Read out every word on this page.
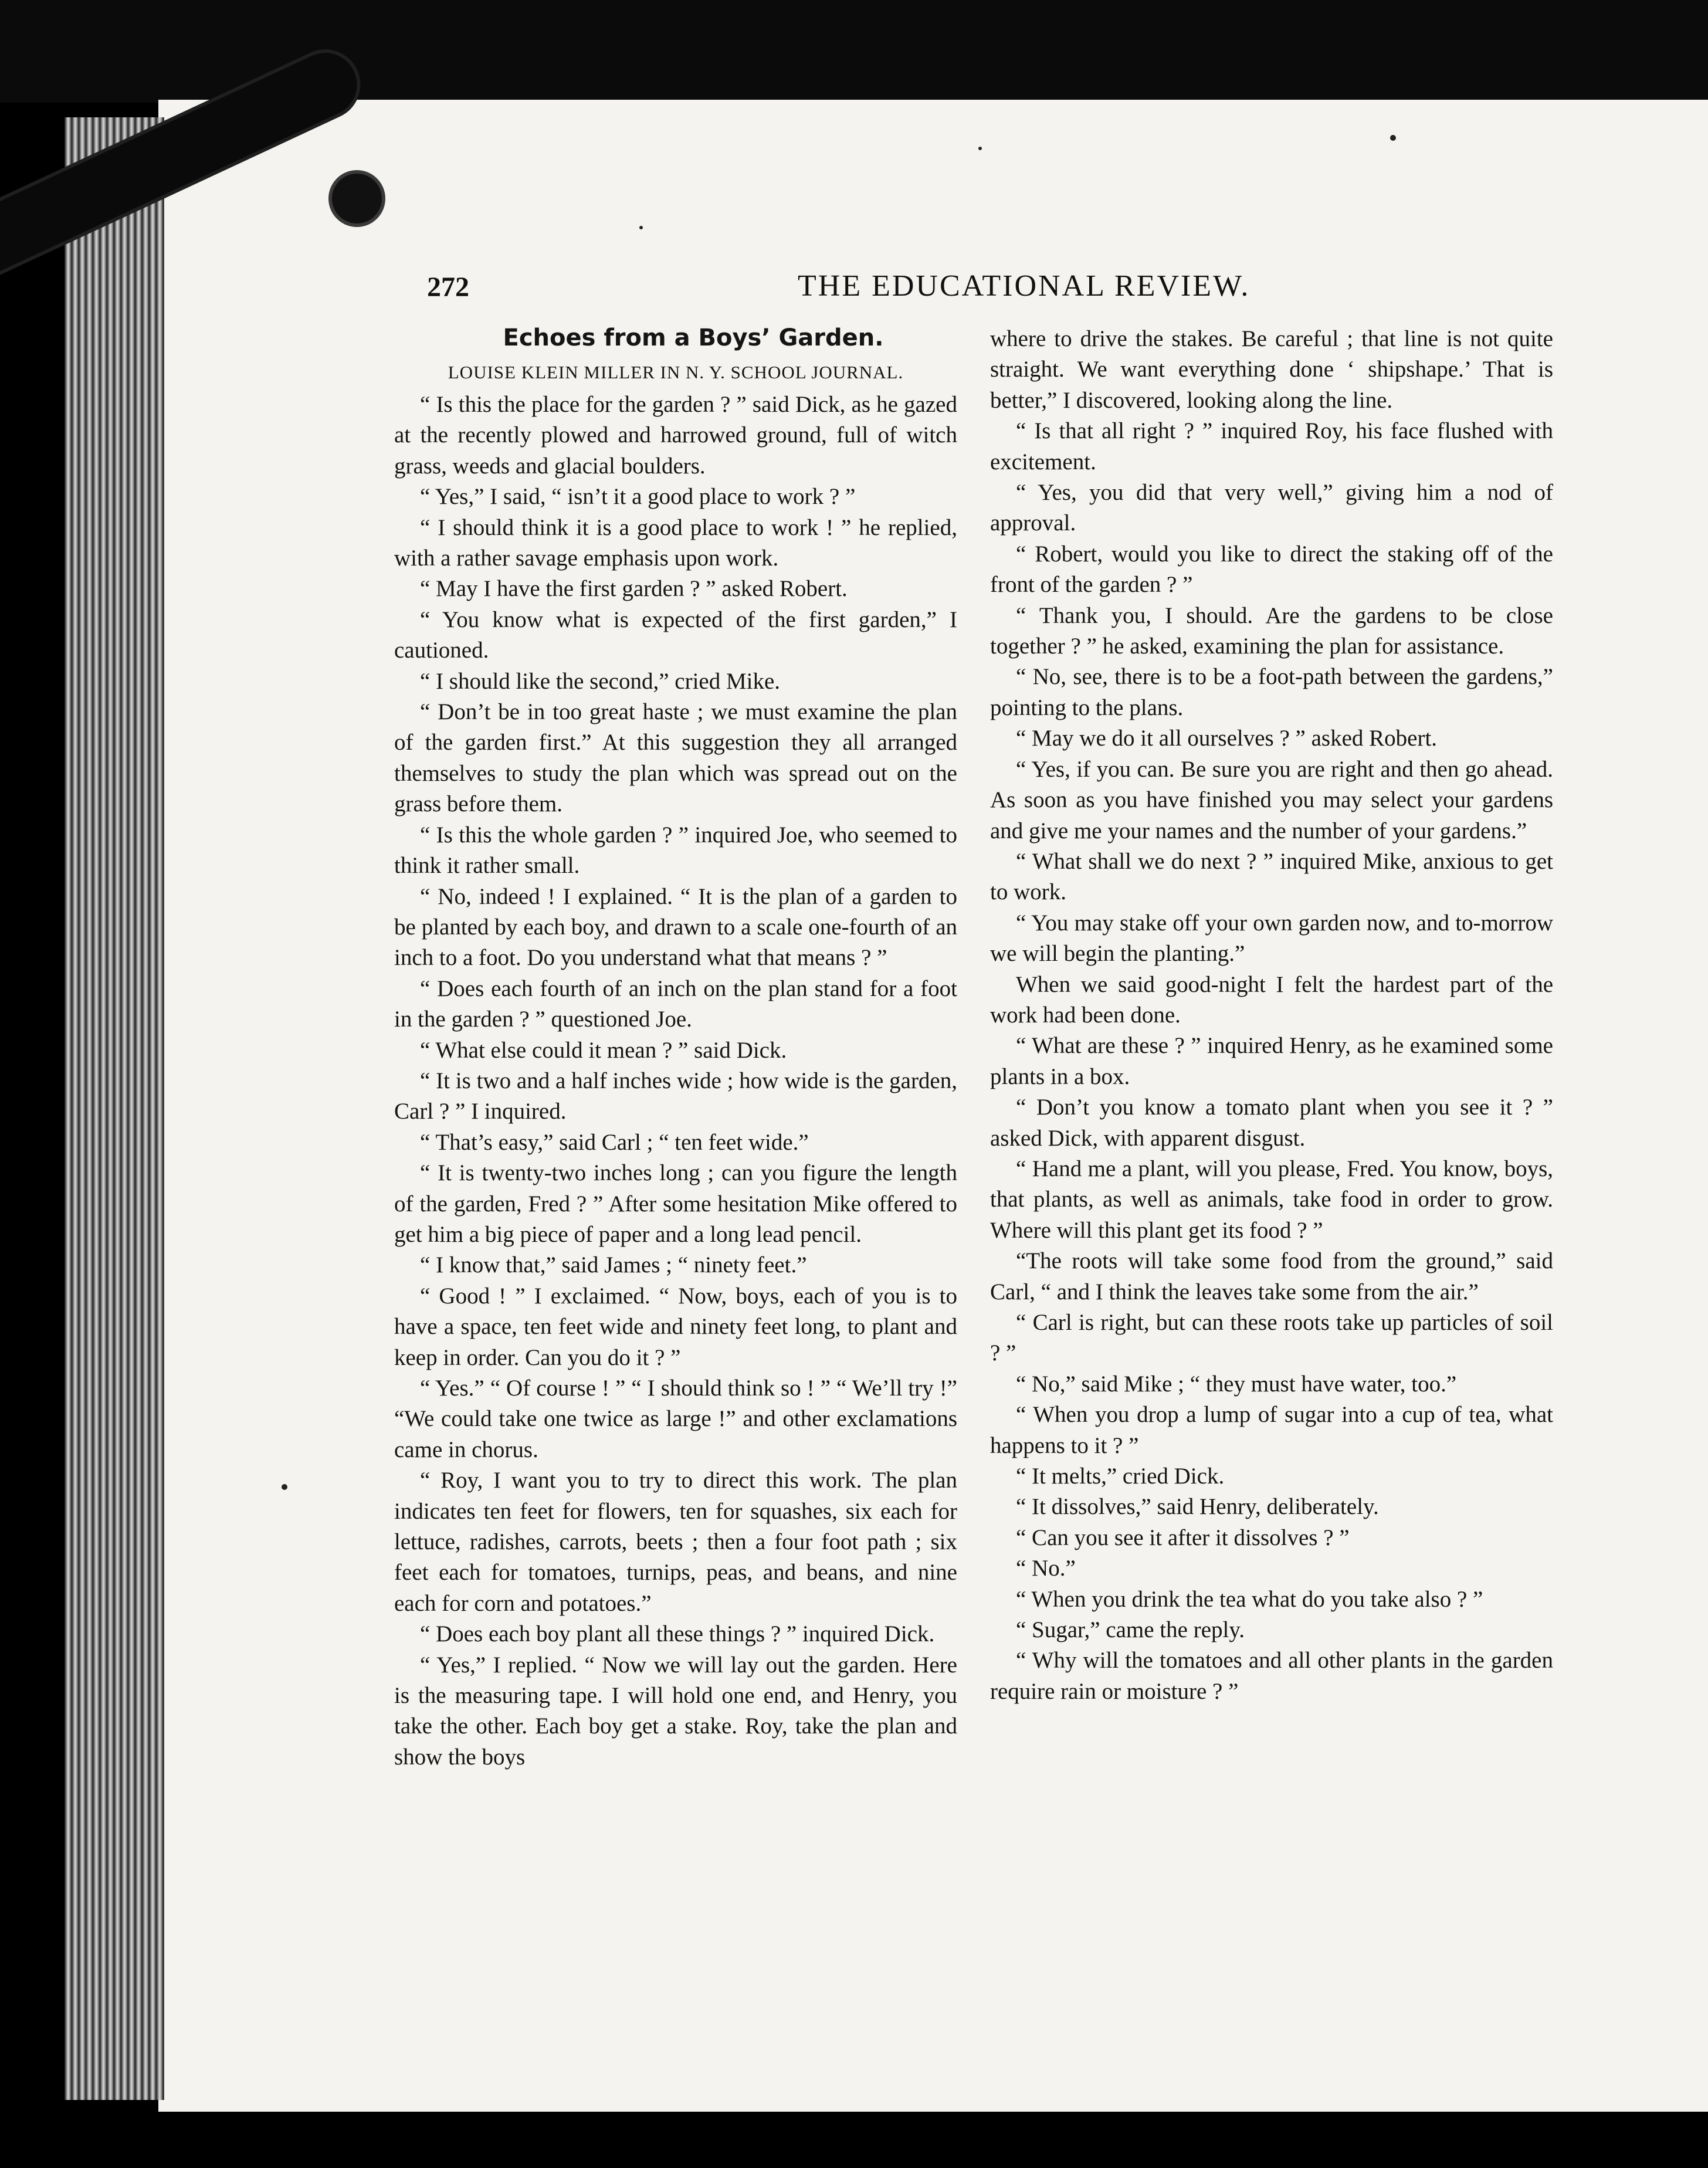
272	THE EDUCATIONAL REVIEW.
Echoes from a Boys’ Garden.
LOUISE KLEIN MILLER IN N. Y. SCHOOL JOURNAL.

“ Is this the place for the garden ? ” said Dick, as he gazed at the recently plowed and harrowed ground, full of witch grass, weeds and glacial boulders.

“ Yes,” I said, “ isn’t it a good place to work ? ”

“ I should think it is a good place to work ! ” he replied, with a rather savage emphasis upon work.

“ May I have the first garden ? ” asked Robert.

“ You know what is expected of the first garden,” I cautioned.

“ I should like the second,” cried Mike.

“ Don’t be in too great haste ; we must examine the plan of the garden first.” At this suggestion they all arranged themselves to study the plan which was spread out on the grass before them.

“ Is this the whole garden ? ” inquired Joe, who seemed to think it rather small.

“ No, indeed ! I explained. “ It is the plan of a garden to be planted by each boy, and drawn to a scale one-fourth of an inch to a foot. Do you understand what that means ? ”

“ Does each fourth of an inch on the plan stand for a foot in the garden ? ” questioned Joe.

“ What else could it mean ? ” said Dick.

“ It is two and a half inches wide ; how wide is the garden, Carl ? ” I inquired.

“ That’s easy,” said Carl ; “ ten feet wide.”

“ It is twenty-two inches long ; can you figure the length of the garden, Fred ? ” After some hesitation Mike offered to get him a big piece of paper and a long lead pencil.

“ I know that,” said James ; “ ninety feet.”

“ Good ! ” I exclaimed. “ Now, boys, each of you is to have a space, ten feet wide and ninety feet long, to plant and keep in order. Can you do it ? ”

“ Yes.” “ Of course ! ” “ I should think so ! ” “ We’ll try !” “We could take one twice as large !” and other exclamations came in chorus.

“ Roy, I want you to try to direct this work. The plan indicates ten feet for flowers, ten for squashes, six each for lettuce, radishes, carrots, beets ; then a four foot path ; six feet each for tomatoes, turnips, peas, and beans, and nine each for corn and potatoes.”

“ Does each boy plant all these things ? ” inquired Dick.

“ Yes,” I replied. “ Now we will lay out the garden. Here is the measuring tape. I will hold one end, and Henry, you take the other. Each boy get a stake. Roy, take the plan and show the boys

where to drive the stakes. Be careful ; that line is not quite straight. We want everything done ‘ shipshape.’ That is better,” I discovered, looking along the line.

“ Is that all right ? ” inquired Roy, his face flushed with excitement.

“ Yes, you did that very well,” giving him a nod of approval.

“ Robert, would you like to direct the staking off of the front of the garden ? ”

“ Thank you, I should. Are the gardens to be close together ? ” he asked, examining the plan for assistance.

“ No, see, there is to be a foot-path between the gardens,” pointing to the plans.

“ May we do it all ourselves ? ” asked Robert.

“ Yes, if you can. Be sure you are right and then go ahead. As soon as you have finished you may select your gardens and give me your names and the number of your gardens.”

“ What shall we do next ? ” inquired Mike, anxious to get to work.

“ You may stake off your own garden now, and to-morrow we will begin the planting.”

When we said good-night I felt the hardest part of the work had been done.

“ What are these ? ” inquired Henry, as he examined some plants in a box.

“ Don’t you know a tomato plant when you see it ? ” asked Dick, with apparent disgust.

“ Hand me a plant, will you please, Fred. You know, boys, that plants, as well as animals, take food in order to grow. Where will this plant get its food ? ”

“The roots will take some food from the ground,” said Carl, “ and I think the leaves take some from the air.”

“ Carl is right, but can these roots take up particles of soil ? ”

“ No,” said Mike ; “ they must have water, too.”

“ When you drop a lump of sugar into a cup of tea, what happens to it ? ”

“ It melts,” cried Dick.

“ It dissolves,” said Henry, deliberately.

“ Can you see it after it dissolves ? ”

“ No.”

“ When you drink the tea what do you take also ? ”

“ Sugar,” came the reply.

“ Why will the tomatoes and all other plants in the garden require rain or moisture ? ”
